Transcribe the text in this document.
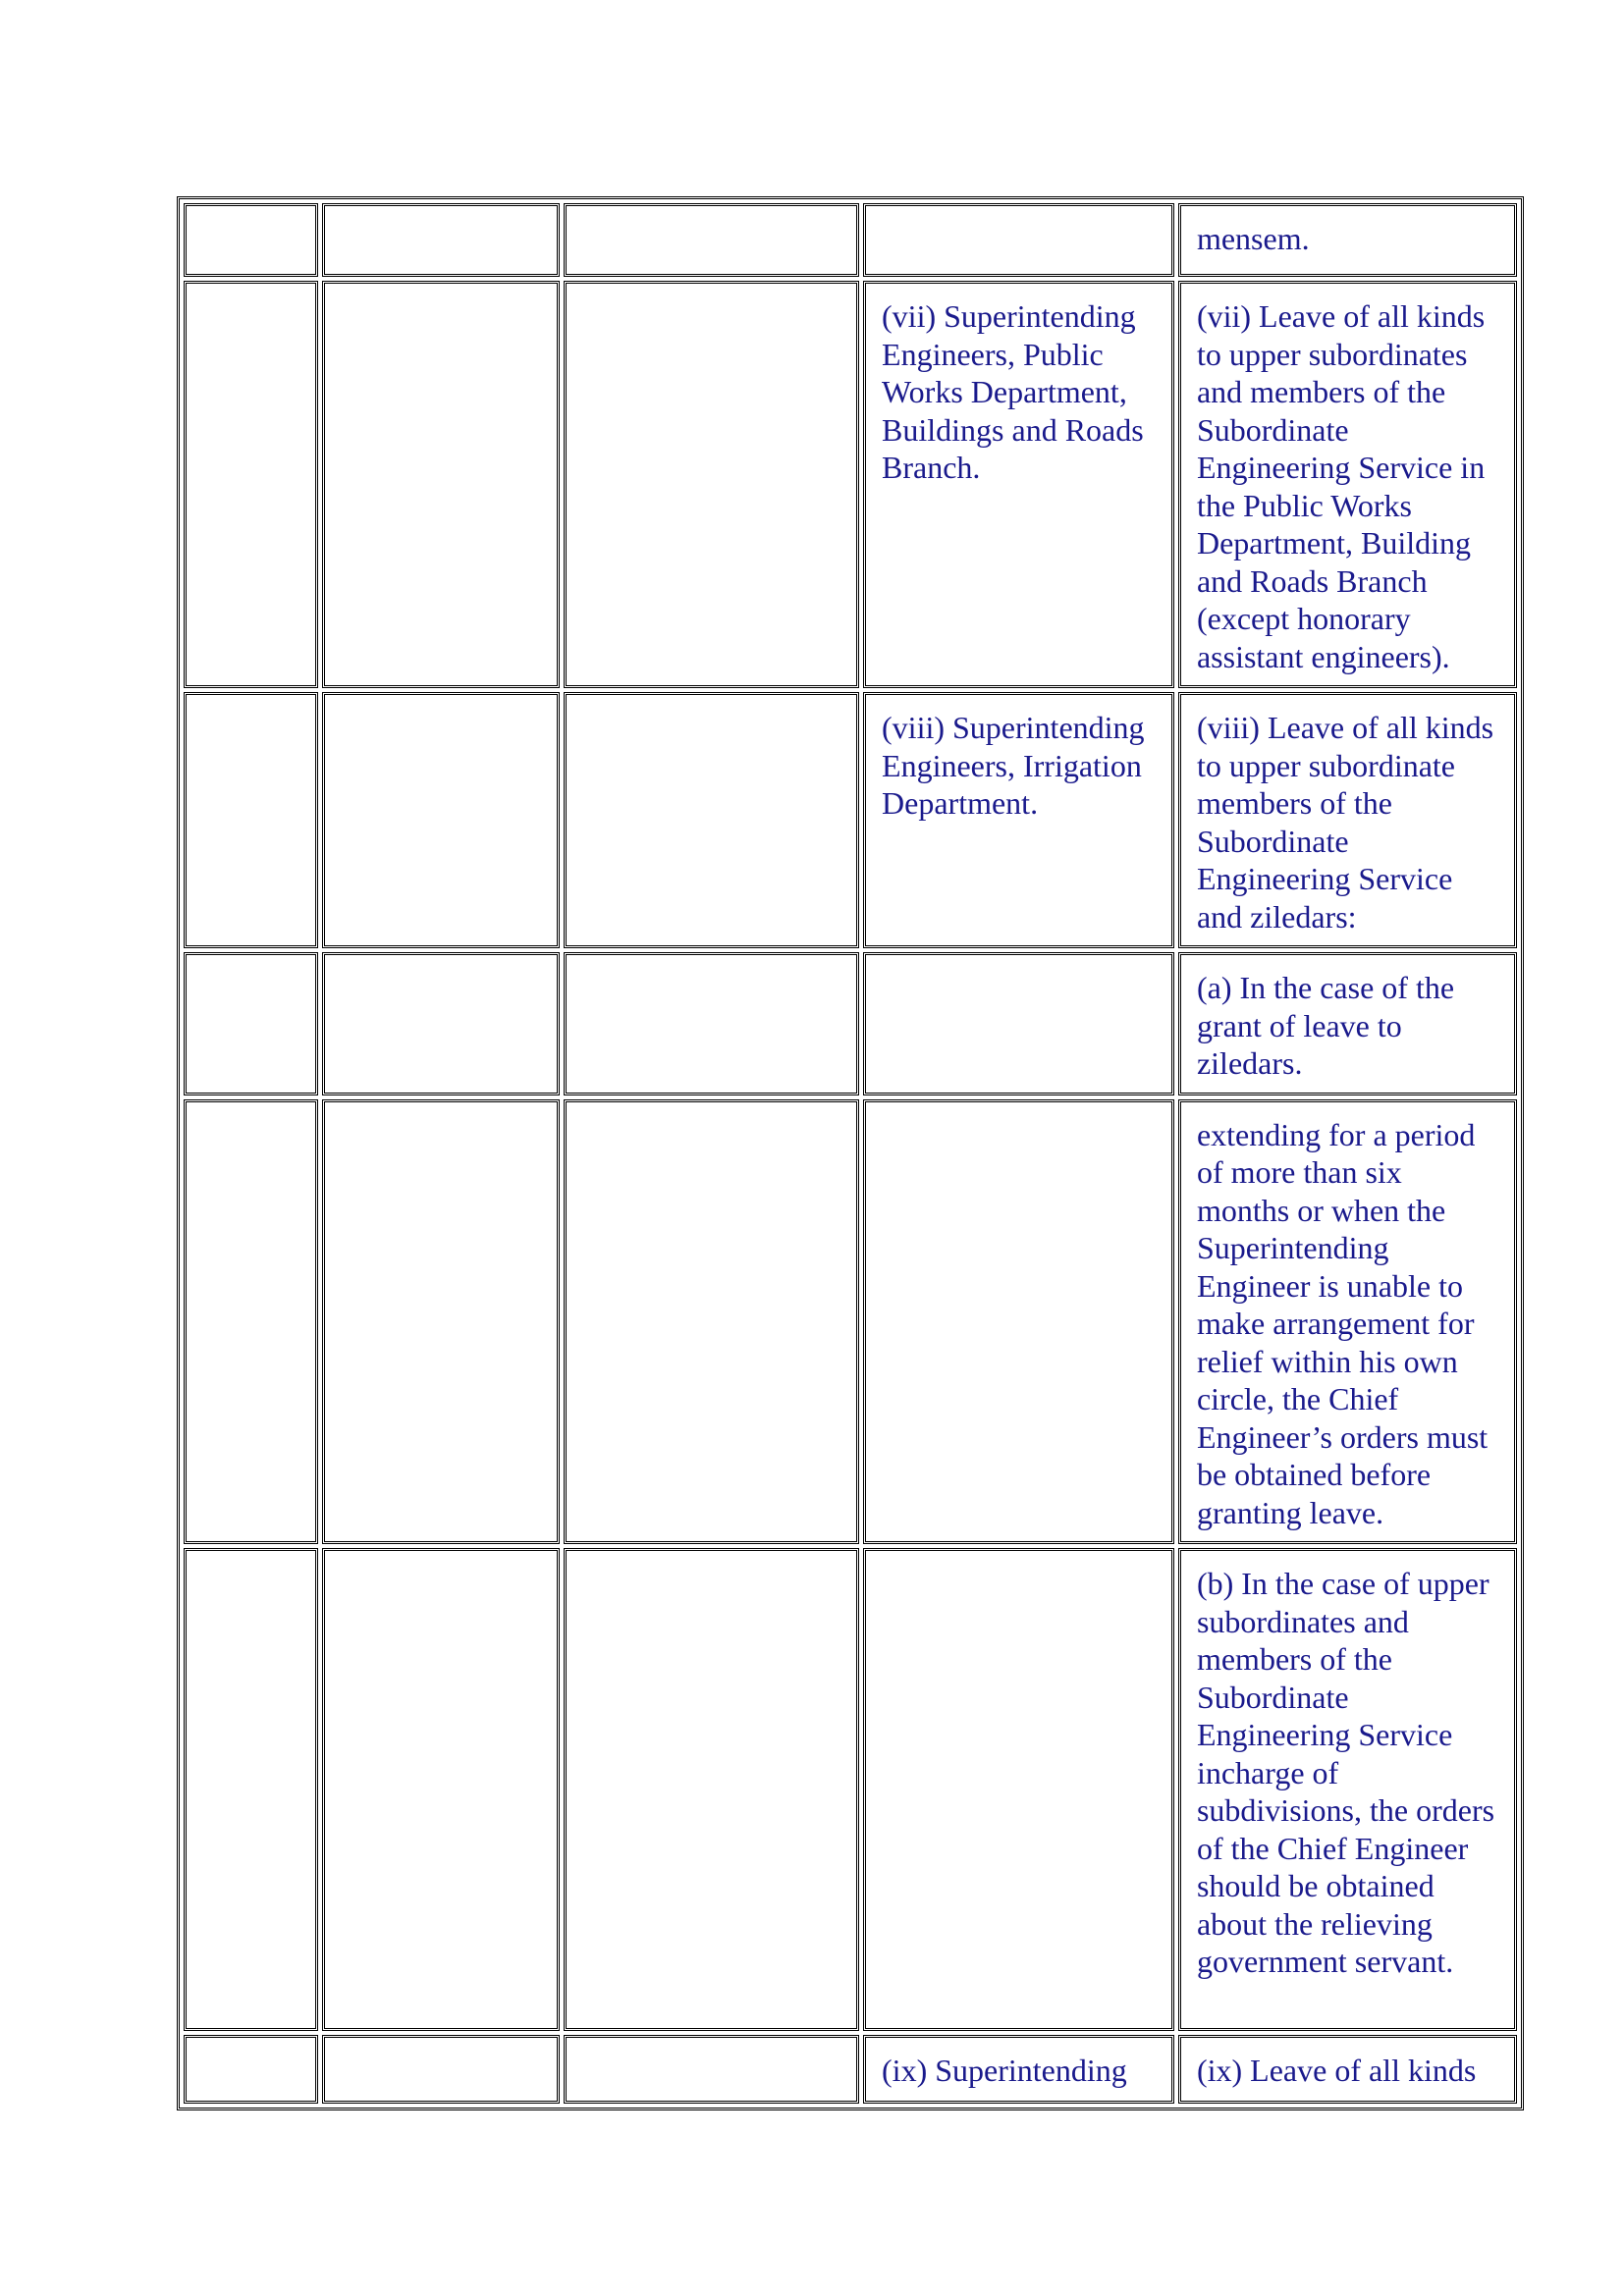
				mensem.
			(vii) Superintending Engineers, Public Works Department, Buildings and Roads Branch.	(vii) Leave of all kinds to upper subordinates and members of the Subordinate Engineering Service in the Public Works Department, Building and Roads Branch (except honorary assistant engineers).
			(viii) Superintending Engineers, Irrigation Department.	(viii) Leave of all kinds to upper subordinate members of the Subordinate Engineering Service and ziledars:
				(a) In the case of the grant of leave to ziledars.
				extending for a period of more than six months or when the Superintending Engineer is unable to make arrangement for relief within his own circle, the Chief Engineer’s orders must be obtained before granting leave.
				(b) In the case of upper subordinates and members of the Subordinate Engineering Service incharge of subdivisions, the orders of the Chief Engineer should be obtained about the relieving government servant.
			(ix) Superintending	(ix) Leave of all kinds
